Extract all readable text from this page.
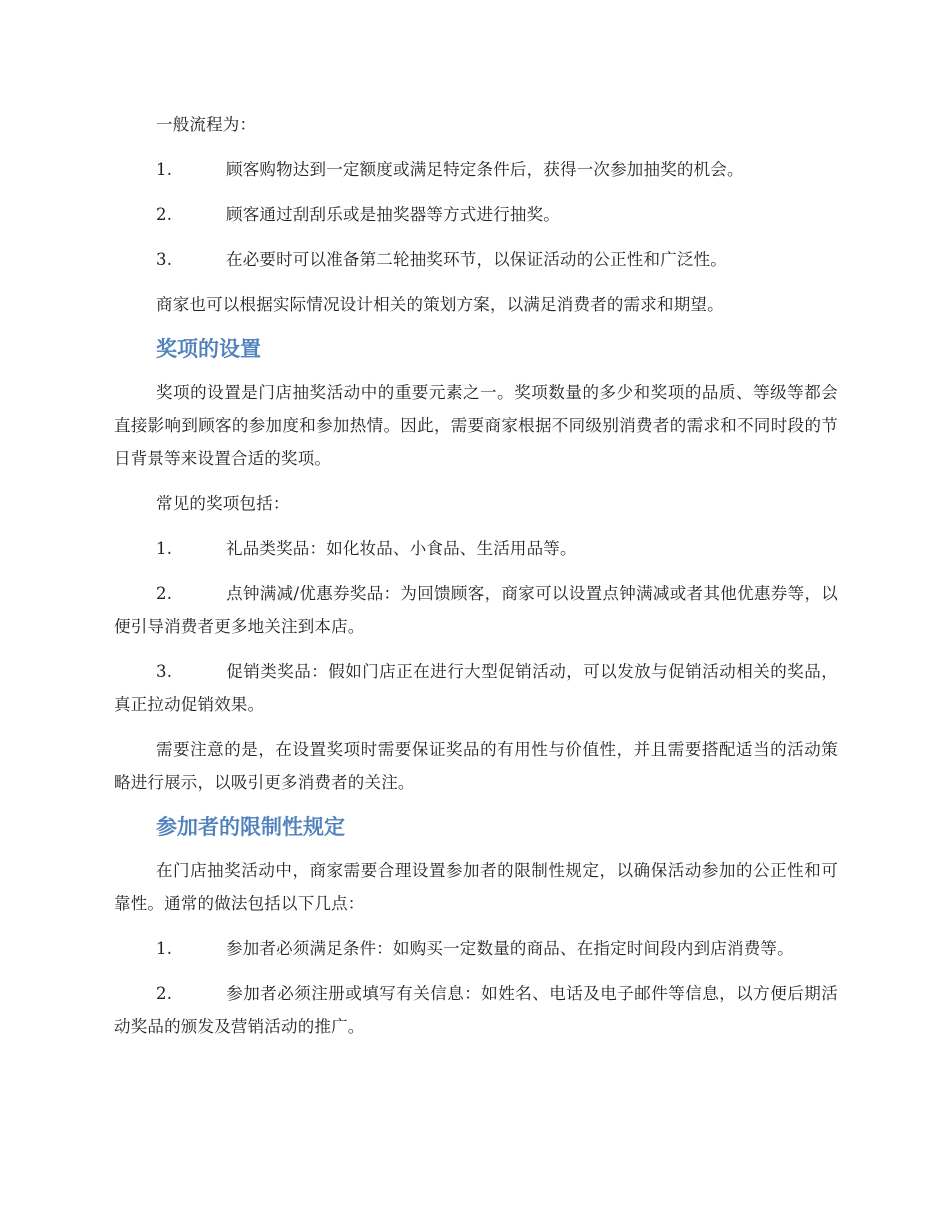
一般流程为：

1.	顾客购物达到一定额度或满足特定条件后，获得一次参加抽奖的机会。

2.	顾客通过刮刮乐或是抽奖器等方式进行抽奖。

3.	在必要时可以准备第二轮抽奖环节，以保证活动的公正性和广泛性。

商家也可以根据实际情况设计相关的策划方案，以满足消费者的需求和期望。

奖项的设置

奖项的设置是门店抽奖活动中的重要元素之一。奖项数量的多少和奖项的品质、等级等都会直接影响到顾客的参加度和参加热情。因此，需要商家根据不同级别消费者的需求和不同时段的节日背景等来设置合适的奖项。

常见的奖项包括：

1.	礼品类奖品：如化妆品、小食品、生活用品等。

2.	点钟满减/优惠券奖品：为回馈顾客，商家可以设置点钟满减或者其他优惠券等，以便引导消费者更多地关注到本店。

3.	促销类奖品：假如门店正在进行大型促销活动，可以发放与促销活动相关的奖品，真正拉动促销效果。

需要注意的是，在设置奖项时需要保证奖品的有用性与价值性，并且需要搭配适当的活动策略进行展示，以吸引更多消费者的关注。

参加者的限制性规定

在门店抽奖活动中，商家需要合理设置参加者的限制性规定，以确保活动参加的公正性和可靠性。通常的做法包括以下几点：

1.	参加者必须满足条件：如购买一定数量的商品、在指定时间段内到店消费等。

2.	参加者必须注册或填写有关信息：如姓名、电话及电子邮件等信息，以方便后期活动奖品的颁发及营销活动的推广。
